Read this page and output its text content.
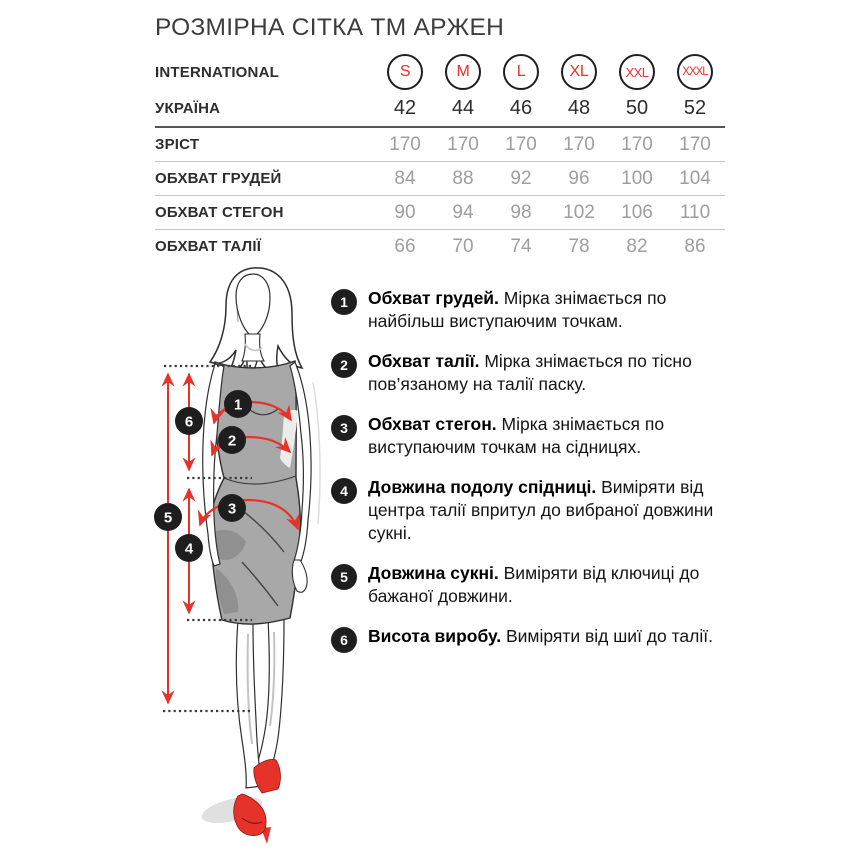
РОЗМІРНА СІТКА ТМ АРЖЕН
INTERNATIONAL	S	M	L	XL	XXL	XXXL
УКРАЇНА	42	44	46	48	50	52
ЗРІСТ	170	170	170	170	170	170
ОБХВАТ ГРУДЕЙ	84	88	92	96	100	104
ОБХВАТ СТЕГОН	90	94	98	102	106	110
ОБХВАТ ТАЛІЇ	66	70	74	78	82	86
1
2
3
4
5
6
1	Обхват грудей. Мірка знімається по найбільш виступаючим точкам.

2	Обхват талії. Мірка знімається по тісно пов’язаному на талії паску.

3	Обхват стегон. Мірка знімається по виступаючим точкам на сідницях.

4	Довжина подолу спідниці. Виміряти від центра талії впритул до вибраної довжини сукні.

5	Довжина сукні. Виміряти від ключиці до бажаної довжини.

6	Висота виробу. Виміряти від шиї до талії.
